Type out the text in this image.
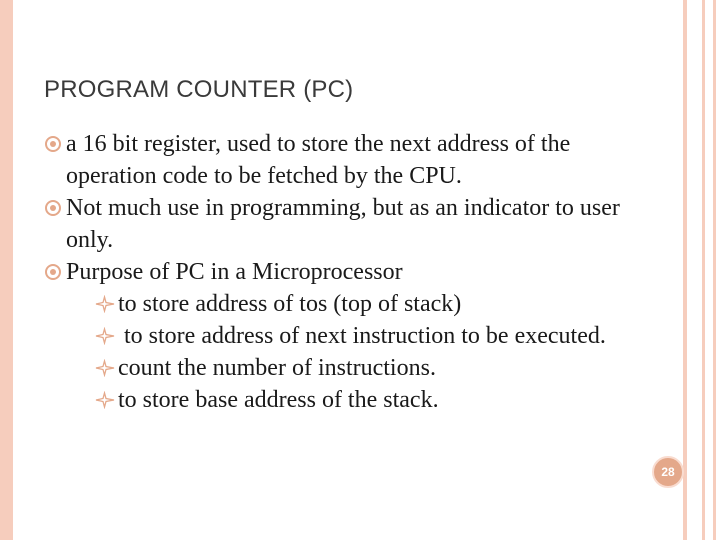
PROGRAM COUNTER (PC)
a 16 bit register, used to store the next address of the operation code to be fetched by the CPU.
Not much use in programming, but as an indicator to user only.
Purpose of PC in a Microprocessor
to store address of tos (top of stack)
to store address of next instruction to be executed.
count the number of instructions.
to store base address of the stack.
28
